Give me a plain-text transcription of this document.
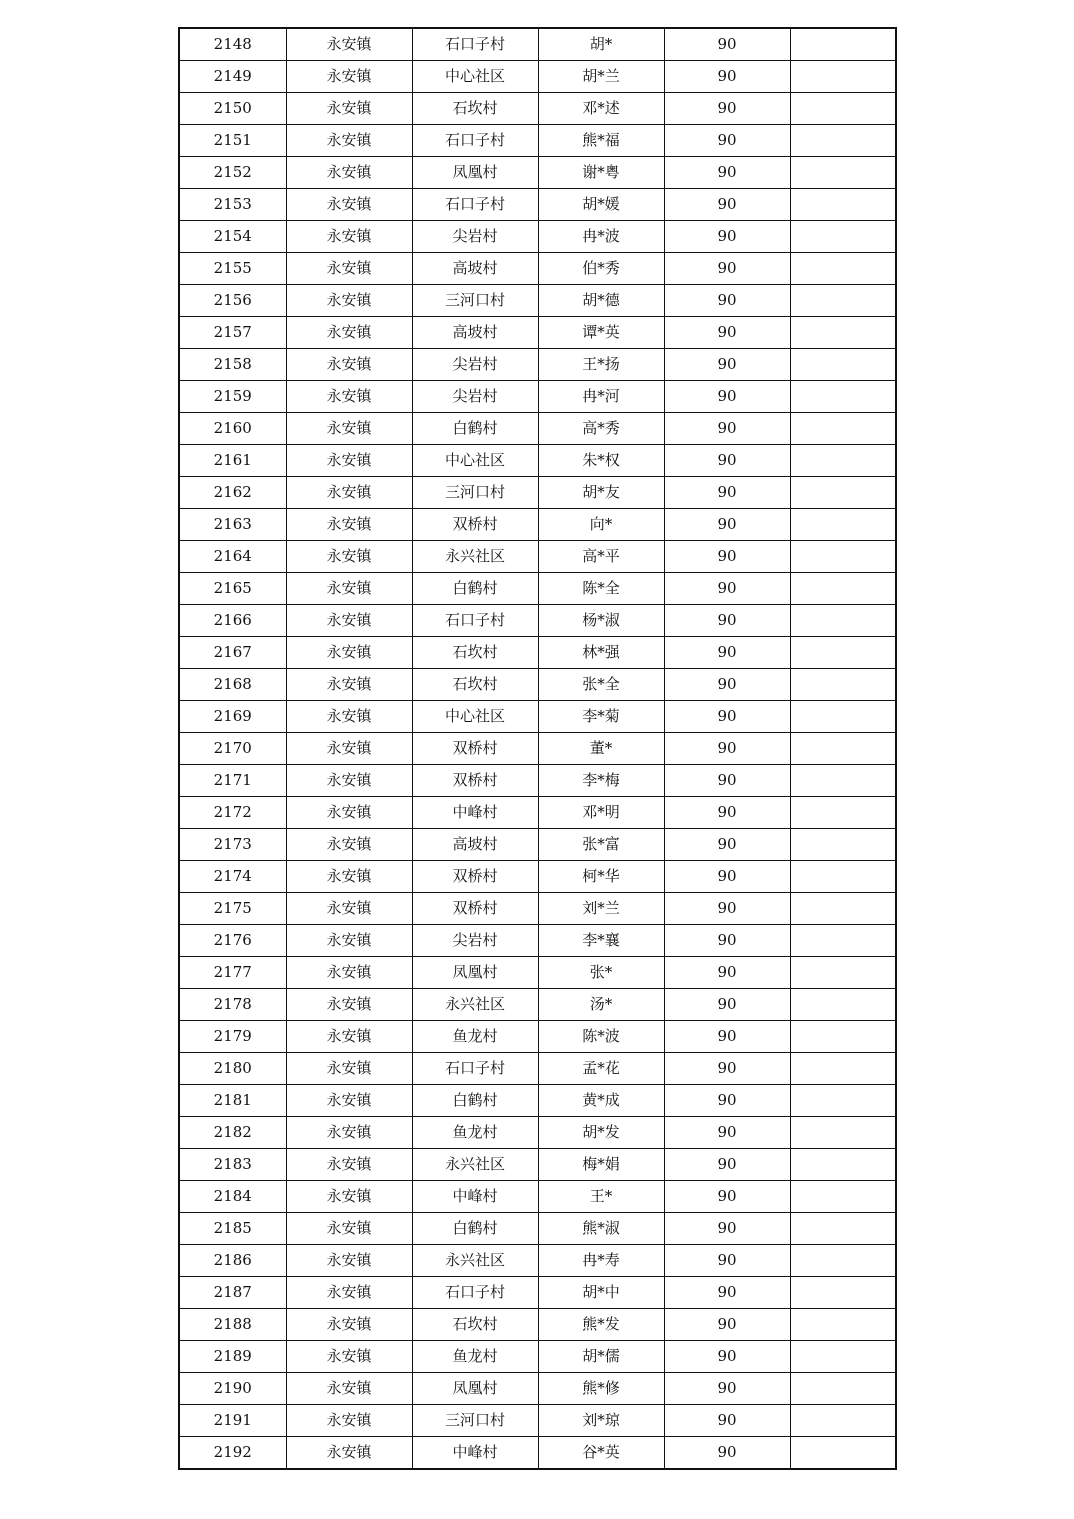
2148	永安镇	石口子村	胡*	90	
2149	永安镇	中心社区	胡*兰	90	
2150	永安镇	石坎村	邓*述	90	
2151	永安镇	石口子村	熊*福	90	
2152	永安镇	凤凰村	谢*粤	90	
2153	永安镇	石口子村	胡*媛	90	
2154	永安镇	尖岩村	冉*波	90	
2155	永安镇	高坡村	伯*秀	90	
2156	永安镇	三河口村	胡*德	90	
2157	永安镇	高坡村	谭*英	90	
2158	永安镇	尖岩村	王*扬	90	
2159	永安镇	尖岩村	冉*河	90	
2160	永安镇	白鹤村	高*秀	90	
2161	永安镇	中心社区	朱*权	90	
2162	永安镇	三河口村	胡*友	90	
2163	永安镇	双桥村	向*	90	
2164	永安镇	永兴社区	高*平	90	
2165	永安镇	白鹤村	陈*全	90	
2166	永安镇	石口子村	杨*淑	90	
2167	永安镇	石坎村	林*强	90	
2168	永安镇	石坎村	张*全	90	
2169	永安镇	中心社区	李*菊	90	
2170	永安镇	双桥村	董*	90	
2171	永安镇	双桥村	李*梅	90	
2172	永安镇	中峰村	邓*明	90	
2173	永安镇	高坡村	张*富	90	
2174	永安镇	双桥村	柯*华	90	
2175	永安镇	双桥村	刘*兰	90	
2176	永安镇	尖岩村	李*襄	90	
2177	永安镇	凤凰村	张*	90	
2178	永安镇	永兴社区	汤*	90	
2179	永安镇	鱼龙村	陈*波	90	
2180	永安镇	石口子村	孟*花	90	
2181	永安镇	白鹤村	黄*成	90	
2182	永安镇	鱼龙村	胡*发	90	
2183	永安镇	永兴社区	梅*娟	90	
2184	永安镇	中峰村	王*	90	
2185	永安镇	白鹤村	熊*淑	90	
2186	永安镇	永兴社区	冉*寿	90	
2187	永安镇	石口子村	胡*中	90	
2188	永安镇	石坎村	熊*发	90	
2189	永安镇	鱼龙村	胡*儒	90	
2190	永安镇	凤凰村	熊*修	90	
2191	永安镇	三河口村	刘*琼	90	
2192	永安镇	中峰村	谷*英	90	
